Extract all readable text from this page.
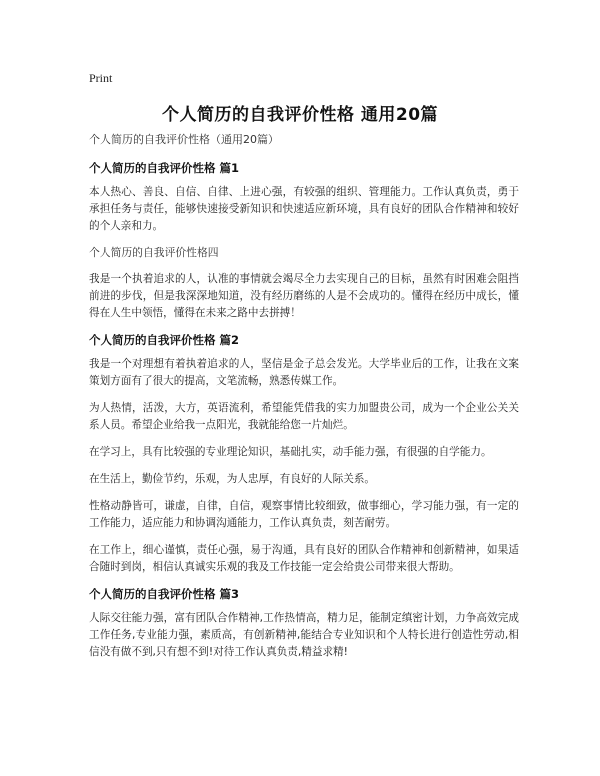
Print
个人简历的自我评价性格 通用20篇
个人简历的自我评价性格（通用20篇）
个人简历的自我评价性格 篇1

本人热心、善良、自信、自律、上进心强，有较强的组织、管理能力。工作认真负责，勇于承担任务与责任，能够快速接受新知识和快速适应新环境，具有良好的团队合作精神和较好的个人亲和力。

个人简历的自我评价性格四

我是一个执着追求的人，认准的事情就会竭尽全力去实现自己的目标，虽然有时困难会阻挡前进的步伐，但是我深深地知道，没有经历磨练的人是不会成功的。懂得在经历中成长，懂得在人生中领悟，懂得在未来之路中去拼搏！

个人简历的自我评价性格 篇2

我是一个对理想有着执着追求的人，坚信是金子总会发光。大学毕业后的工作，让我在文案策划方面有了很大的提高，文笔流畅，熟悉传媒工作。

为人热情，活泼，大方，英语流利，希望能凭借我的实力加盟贵公司，成为一个企业公关关系人员。希望企业给我一点阳光，我就能给您一片灿烂。

在学习上，具有比较强的专业理论知识，基础扎实，动手能力强，有很强的自学能力。

在生活上，勤俭节约，乐观，为人忠厚，有良好的人际关系。

性格动静皆可，谦虚，自律，自信，观察事情比较细致，做事细心，学习能力强，有一定的工作能力，适应能力和协调沟通能力，工作认真负责，刻苦耐劳。

在工作上，细心谨慎，责任心强，易于沟通，具有良好的团队合作精神和创新精神，如果适合随时到岗，相信认真诚实乐观的我及工作技能一定会给贵公司带来很大帮助。

个人简历的自我评价性格 篇3

人际交往能力强，富有团队合作精神,工作热情高，精力足，能制定缜密计划，力争高效完成工作任务,专业能力强，素质高，有创新精神,能结合专业知识和个人特长进行创造性劳动,相信没有做不到,只有想不到!对待工作认真负责,精益求精!
